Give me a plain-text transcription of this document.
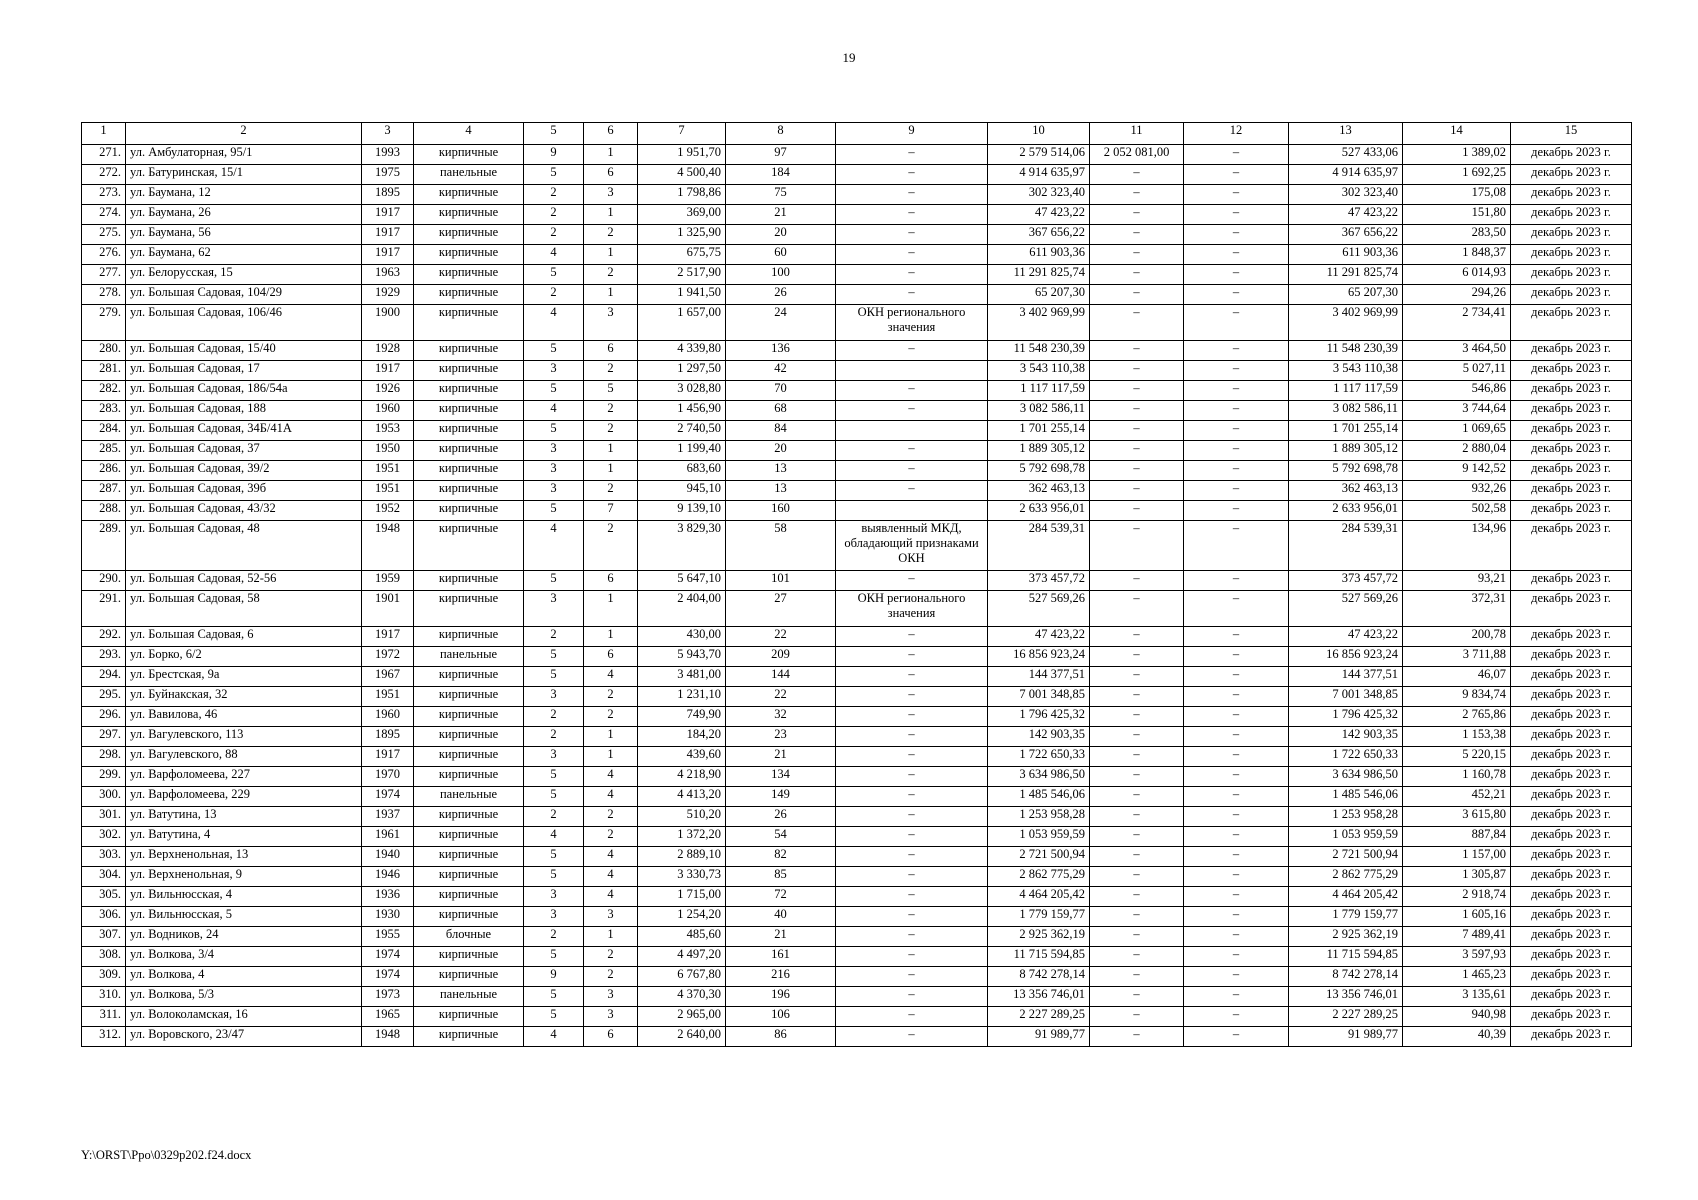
19
1	2	3	4	5	6	7	8	9	10	11	12	13	14	15
271.	ул. Амбулаторная, 95/1	1993	кирпичные	9	1	1 951,70	97	–	2 579 514,06	2 052 081,00	–	527 433,06	1 389,02	декабрь 2023 г.
272.	ул. Батуринская, 15/1	1975	панельные	5	6	4 500,40	184	–	4 914 635,97	–	–	4 914 635,97	1 692,25	декабрь 2023 г.
273.	ул. Баумана, 12	1895	кирпичные	2	3	1 798,86	75	–	302 323,40	–	–	302 323,40	175,08	декабрь 2023 г.
274.	ул. Баумана, 26	1917	кирпичные	2	1	369,00	21	–	47 423,22	–	–	47 423,22	151,80	декабрь 2023 г.
275.	ул. Баумана, 56	1917	кирпичные	2	2	1 325,90	20	–	367 656,22	–	–	367 656,22	283,50	декабрь 2023 г.
276.	ул. Баумана, 62	1917	кирпичные	4	1	675,75	60	–	611 903,36	–	–	611 903,36	1 848,37	декабрь 2023 г.
277.	ул. Белорусская, 15	1963	кирпичные	5	2	2 517,90	100	–	11 291 825,74	–	–	11 291 825,74	6 014,93	декабрь 2023 г.
278.	ул. Большая Садовая, 104/29	1929	кирпичные	2	1	1 941,50	26	–	65 207,30	–	–	65 207,30	294,26	декабрь 2023 г.
279.	ул. Большая Садовая, 106/46	1900	кирпичные	4	3	1 657,00	24	ОКН регионального значения	3 402 969,99	–	–	3 402 969,99	2 734,41	декабрь 2023 г.
280.	ул. Большая Садовая, 15/40	1928	кирпичные	5	6	4 339,80	136	–	11 548 230,39	–	–	11 548 230,39	3 464,50	декабрь 2023 г.
281.	ул. Большая Садовая, 17	1917	кирпичные	3	2	1 297,50	42		3 543 110,38	–	–	3 543 110,38	5 027,11	декабрь 2023 г.
282.	ул. Большая Садовая, 186/54а	1926	кирпичные	5	5	3 028,80	70	–	1 117 117,59	–	–	1 117 117,59	546,86	декабрь 2023 г.
283.	ул. Большая Садовая, 188	1960	кирпичные	4	2	1 456,90	68	–	3 082 586,11	–	–	3 082 586,11	3 744,64	декабрь 2023 г.
284.	ул. Большая Садовая, 34Б/41А	1953	кирпичные	5	2	2 740,50	84		1 701 255,14	–	–	1 701 255,14	1 069,65	декабрь 2023 г.
285.	ул. Большая Садовая, 37	1950	кирпичные	3	1	1 199,40	20	–	1 889 305,12	–	–	1 889 305,12	2 880,04	декабрь 2023 г.
286.	ул. Большая Садовая, 39/2	1951	кирпичные	3	1	683,60	13	–	5 792 698,78	–	–	5 792 698,78	9 142,52	декабрь 2023 г.
287.	ул. Большая Садовая, 39б	1951	кирпичные	3	2	945,10	13	–	362 463,13	–	–	362 463,13	932,26	декабрь 2023 г.
288.	ул. Большая Садовая, 43/32	1952	кирпичные	5	7	9 139,10	160		2 633 956,01	–	–	2 633 956,01	502,58	декабрь 2023 г.
289.	ул. Большая Садовая, 48	1948	кирпичные	4	2	3 829,30	58	выявленный МКД, обладающий признаками ОКН	284 539,31	–	–	284 539,31	134,96	декабрь 2023 г.
290.	ул. Большая Садовая, 52-56	1959	кирпичные	5	6	5 647,10	101	–	373 457,72	–	–	373 457,72	93,21	декабрь 2023 г.
291.	ул. Большая Садовая, 58	1901	кирпичные	3	1	2 404,00	27	ОКН регионального значения	527 569,26	–	–	527 569,26	372,31	декабрь 2023 г.
292.	ул. Большая Садовая, 6	1917	кирпичные	2	1	430,00	22	–	47 423,22	–	–	47 423,22	200,78	декабрь 2023 г.
293.	ул. Борко, 6/2	1972	панельные	5	6	5 943,70	209	–	16 856 923,24	–	–	16 856 923,24	3 711,88	декабрь 2023 г.
294.	ул. Брестская, 9а	1967	кирпичные	5	4	3 481,00	144	–	144 377,51	–	–	144 377,51	46,07	декабрь 2023 г.
295.	ул. Буйнакская, 32	1951	кирпичные	3	2	1 231,10	22	–	7 001 348,85	–	–	7 001 348,85	9 834,74	декабрь 2023 г.
296.	ул. Вавилова, 46	1960	кирпичные	2	2	749,90	32	–	1 796 425,32	–	–	1 796 425,32	2 765,86	декабрь 2023 г.
297.	ул. Вагулевского, 113	1895	кирпичные	2	1	184,20	23	–	142 903,35	–	–	142 903,35	1 153,38	декабрь 2023 г.
298.	ул. Вагулевского, 88	1917	кирпичные	3	1	439,60	21	–	1 722 650,33	–	–	1 722 650,33	5 220,15	декабрь 2023 г.
299.	ул. Варфоломеева, 227	1970	кирпичные	5	4	4 218,90	134	–	3 634 986,50	–	–	3 634 986,50	1 160,78	декабрь 2023 г.
300.	ул. Варфоломеева, 229	1974	панельные	5	4	4 413,20	149	–	1 485 546,06	–	–	1 485 546,06	452,21	декабрь 2023 г.
301.	ул. Ватутина, 13	1937	кирпичные	2	2	510,20	26	–	1 253 958,28	–	–	1 253 958,28	3 615,80	декабрь 2023 г.
302.	ул. Ватутина, 4	1961	кирпичные	4	2	1 372,20	54	–	1 053 959,59	–	–	1 053 959,59	887,84	декабрь 2023 г.
303.	ул. Верхненольная, 13	1940	кирпичные	5	4	2 889,10	82	–	2 721 500,94	–	–	2 721 500,94	1 157,00	декабрь 2023 г.
304.	ул. Верхненольная, 9	1946	кирпичные	5	4	3 330,73	85	–	2 862 775,29	–	–	2 862 775,29	1 305,87	декабрь 2023 г.
305.	ул. Вильнюсская, 4	1936	кирпичные	3	4	1 715,00	72	–	4 464 205,42	–	–	4 464 205,42	2 918,74	декабрь 2023 г.
306.	ул. Вильнюсская, 5	1930	кирпичные	3	3	1 254,20	40	–	1 779 159,77	–	–	1 779 159,77	1 605,16	декабрь 2023 г.
307.	ул. Водников, 24	1955	блочные	2	1	485,60	21	–	2 925 362,19	–	–	2 925 362,19	7 489,41	декабрь 2023 г.
308.	ул. Волкова, 3/4	1974	кирпичные	5	2	4 497,20	161	–	11 715 594,85	–	–	11 715 594,85	3 597,93	декабрь 2023 г.
309.	ул. Волкова, 4	1974	кирпичные	9	2	6 767,80	216	–	8 742 278,14	–	–	8 742 278,14	1 465,23	декабрь 2023 г.
310.	ул. Волкова, 5/3	1973	панельные	5	3	4 370,30	196	–	13 356 746,01	–	–	13 356 746,01	3 135,61	декабрь 2023 г.
311.	ул. Волоколамская, 16	1965	кирпичные	5	3	2 965,00	106	–	2 227 289,25	–	–	2 227 289,25	940,98	декабрь 2023 г.
312.	ул. Воровского, 23/47	1948	кирпичные	4	6	2 640,00	86	–	91 989,77	–	–	91 989,77	40,39	декабрь 2023 г.
Y:\ORST\Ppo\0329p202.f24.docx
